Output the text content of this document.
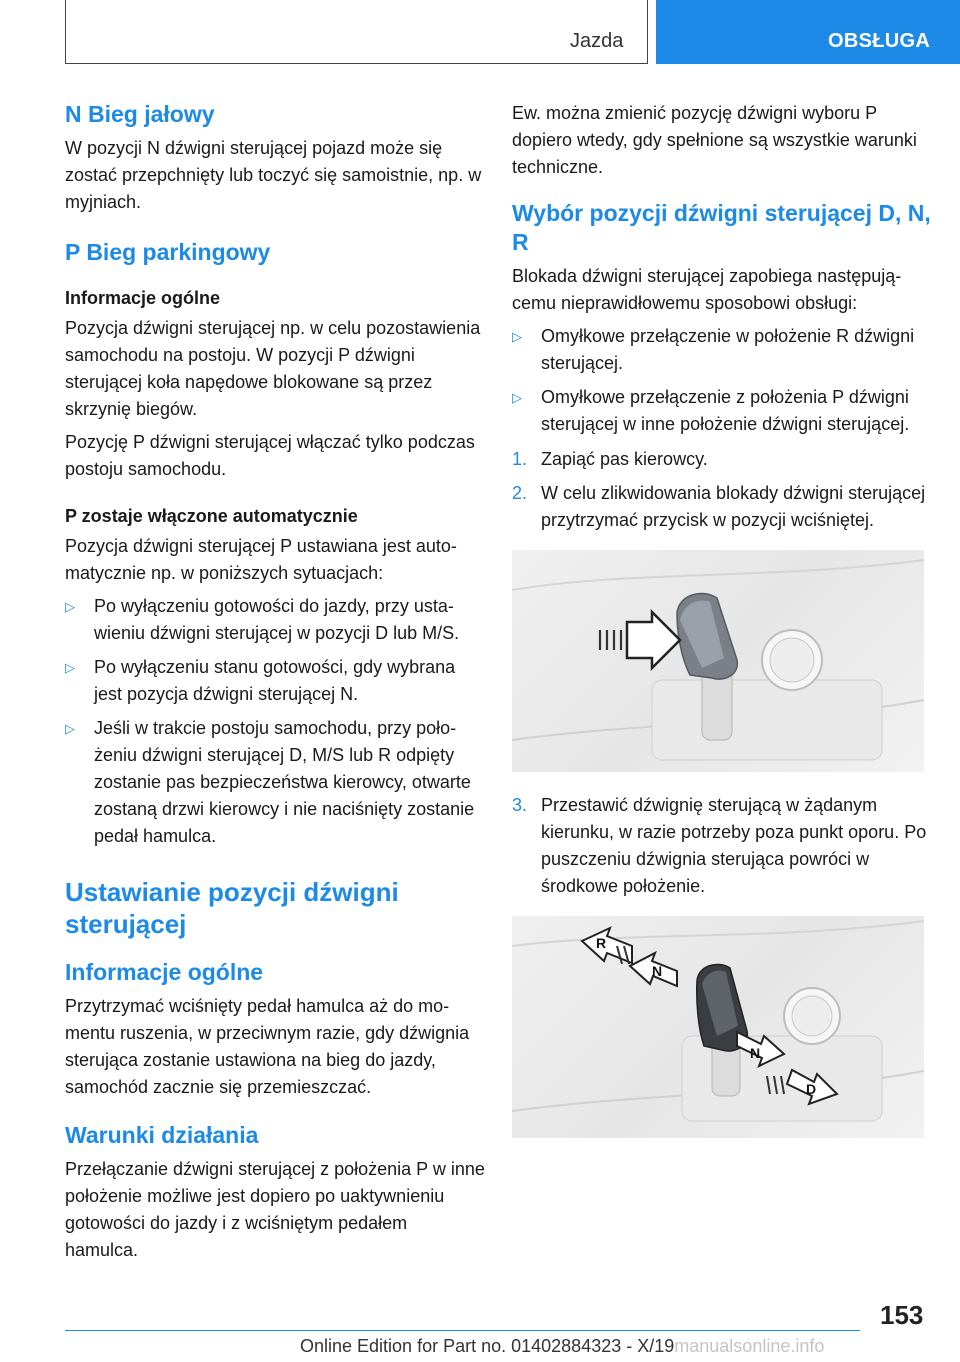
Jazda	OBSŁUGA
N Bieg jałowy

W pozycji N dźwigni sterującej pojazd może się zostać przepchnięty lub toczyć się samoistnie, np. w myjniach.

P Bieg parkingowy
Informacje ogólne

Pozycja dźwigni sterującej np. w celu pozostawienia samochodu na postoju. W pozycji P dźwigni sterującej koła napędowe blokowane są przez skrzynię biegów.

Pozycję P dźwigni sterującej włączać tylko podczas postoju samochodu.

P zostaje włączone automatycznie

Pozycja dźwigni sterującej P ustawiana jest automatycznie np. w poniższych sytuacjach:

▷ Po wyłączeniu gotowości do jazdy, przy ustawieniu dźwigni sterującej w pozycji D lub M/S.
▷ Po wyłączeniu stanu gotowości, gdy wybrana jest pozycja dźwigni sterującej N.
▷ Jeśli w trakcie postoju samochodu, przy położeniu dźwigni sterującej D, M/S lub R odpięty zostanie pas bezpieczeństwa kierowcy, otwarte zostaną drzwi kierowcy i nie naciśnięty zostanie pedał hamulca.
Ustawianie pozycji dźwigni sterującej
Informacje ogólne

Przytrzymać wciśnięty pedał hamulca aż do momentu ruszenia, w przeciwnym razie, gdy dźwignia sterująca zostanie ustawiona na bieg do jazdy, samochód zacznie się przemieszczać.

Warunki działania

Przełączanie dźwigni sterującej z położenia P w inne położenie możliwe jest dopiero po uaktywnieniu gotowości do jazdy i z wciśniętym pedałem hamulca.

Ew. można zmienić pozycję dźwigni wyboru P dopiero wtedy, gdy spełnione są wszystkie warunki techniczne.

Wybór pozycji dźwigni sterującej D, N, R

Blokada dźwigni sterującej zapobiega następującemu nieprawidłowemu sposobowi obsługi:

▷ Omyłkowe przełączenie w położenie R dźwigni sterującej.
▷ Omyłkowe przełączenie z położenia P dźwigni sterującej w inne położenie dźwigni sterującej.
1. Zapiąć pas kierowcy.
2. W celu zlikwidowania blokady dźwigni sterującej przytrzymać przycisk w pozycji wciśniętej.
3. Przestawić dźwignię sterującą w żądanym kierunku, w razie potrzeby poza punkt oporu. Po puszczeniu dźwignia sterująca powróci w środkowe położenie.
R
N
N
D
153
Online Edition for Part no. 01402884323 - X/19manualsonline.info
